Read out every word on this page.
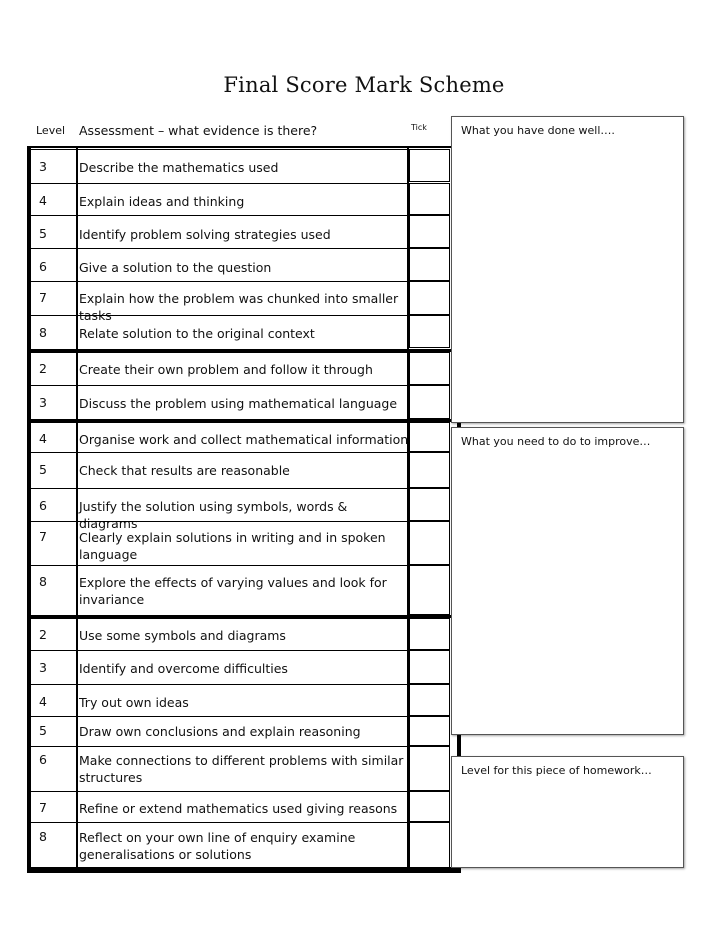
Final Score Mark Scheme
Level Assessment – what evidence is there?	Tick
3	Describe the mathematics used
4	Explain ideas and thinking
5	Identify problem solving strategies used
6	Give a solution to the question
7	Explain how the problem was chunked into smaller tasks
8	Relate solution to the original context
2	Create their own problem and follow it through
3	Discuss the problem using mathematical language
4	Organise work and collect mathematical information
5	Check that results are reasonable
6	Justify the solution using symbols, words & diagrams
7	Clearly explain solutions in writing and in spoken language
8	Explore the effects of varying values and look for invariance
2	Use some symbols and diagrams
3	Identify and overcome difficulties
4	Try out own ideas
5	Draw own conclusions and explain reasoning
6	Make connections to different problems with similar structures
7	Refine or extend mathematics used giving reasons
8	Reflect on your own line of enquiry examine generalisations or solutions
What you have done well….
What you need to do to improve…
Level for this piece of homework…
